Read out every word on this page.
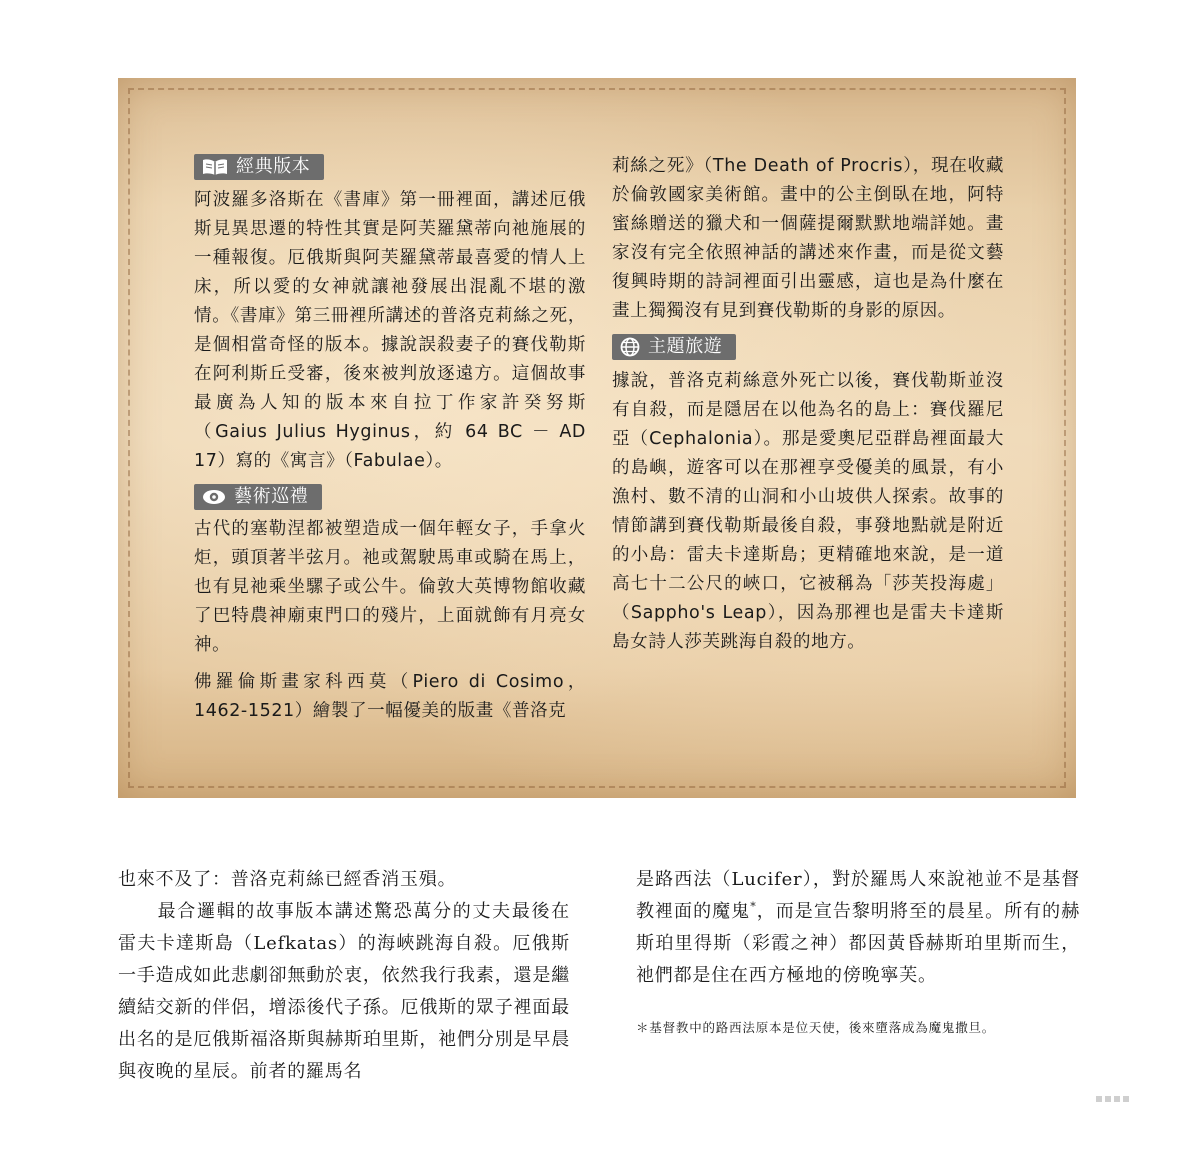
經典版本

阿波羅多洛斯在《書庫》第一冊裡面，講述厄俄斯見異思遷的特性其實是阿芙羅黛蒂向祂施展的一種報復。厄俄斯與阿芙羅黛蒂最喜愛的情人上床，所以愛的女神就讓祂發展出混亂不堪的激情。《書庫》第三冊裡所講述的普洛克莉絲之死，是個相當奇怪的版本。據說誤殺妻子的賽伐勒斯在阿利斯丘受審，後來被判放逐遠方。這個故事最廣為人知的版本來自拉丁作家許癸努斯（Gaius Julius Hyginus，約 64 BC － AD 17）寫的《寓言》（Fabulae）。

藝術巡禮

古代的塞勒涅都被塑造成一個年輕女子，手拿火炬，頭頂著半弦月。祂或駕駛馬車或騎在馬上，也有見祂乘坐騾子或公牛。倫敦大英博物館收藏了巴特農神廟東門口的殘片，上面就飾有月亮女神。

佛羅倫斯畫家科西莫（Piero di Cosimo，1462-1521）繪製了一幅優美的版畫《普洛克

莉絲之死》（The Death of Procris），現在收藏於倫敦國家美術館。畫中的公主倒臥在地，阿特蜜絲贈送的獵犬和一個薩提爾默默地端詳她。畫家沒有完全依照神話的講述來作畫，而是從文藝復興時期的詩詞裡面引出靈感，這也是為什麼在畫上獨獨沒有見到賽伐勒斯的身影的原因。

主題旅遊

據說，普洛克莉絲意外死亡以後，賽伐勒斯並沒有自殺，而是隱居在以他為名的島上：賽伐羅尼亞（Cephalonia）。那是愛奧尼亞群島裡面最大的島嶼，遊客可以在那裡享受優美的風景，有小漁村、數不清的山洞和小山坡供人探索。故事的情節講到賽伐勒斯最後自殺，事發地點就是附近的小島：雷夫卡達斯島；更精確地來說，是一道高七十二公尺的峽口，它被稱為「莎芙投海處」（Sappho's Leap），因為那裡也是雷夫卡達斯島女詩人莎芙跳海自殺的地方。

也來不及了：普洛克莉絲已經香消玉殞。

最合邏輯的故事版本講述驚恐萬分的丈夫最後在雷夫卡達斯島（Lefkatas）的海峽跳海自殺。厄俄斯一手造成如此悲劇卻無動於衷，依然我行我素，還是繼續結交新的伴侶，增添後代子孫。厄俄斯的眾子裡面最出名的是厄俄斯福洛斯與赫斯珀里斯，祂們分別是早晨與夜晚的星辰。前者的羅馬名

是路西法（Lucifer），對於羅馬人來說祂並不是基督教裡面的魔鬼*，而是宣告黎明將至的晨星。所有的赫斯珀里得斯（彩霞之神）都因黃昏赫斯珀里斯而生，祂們都是住在西方極地的傍晚寧芙。

＊基督教中的路西法原本是位天使，後來墮落成為魔鬼撒旦。
